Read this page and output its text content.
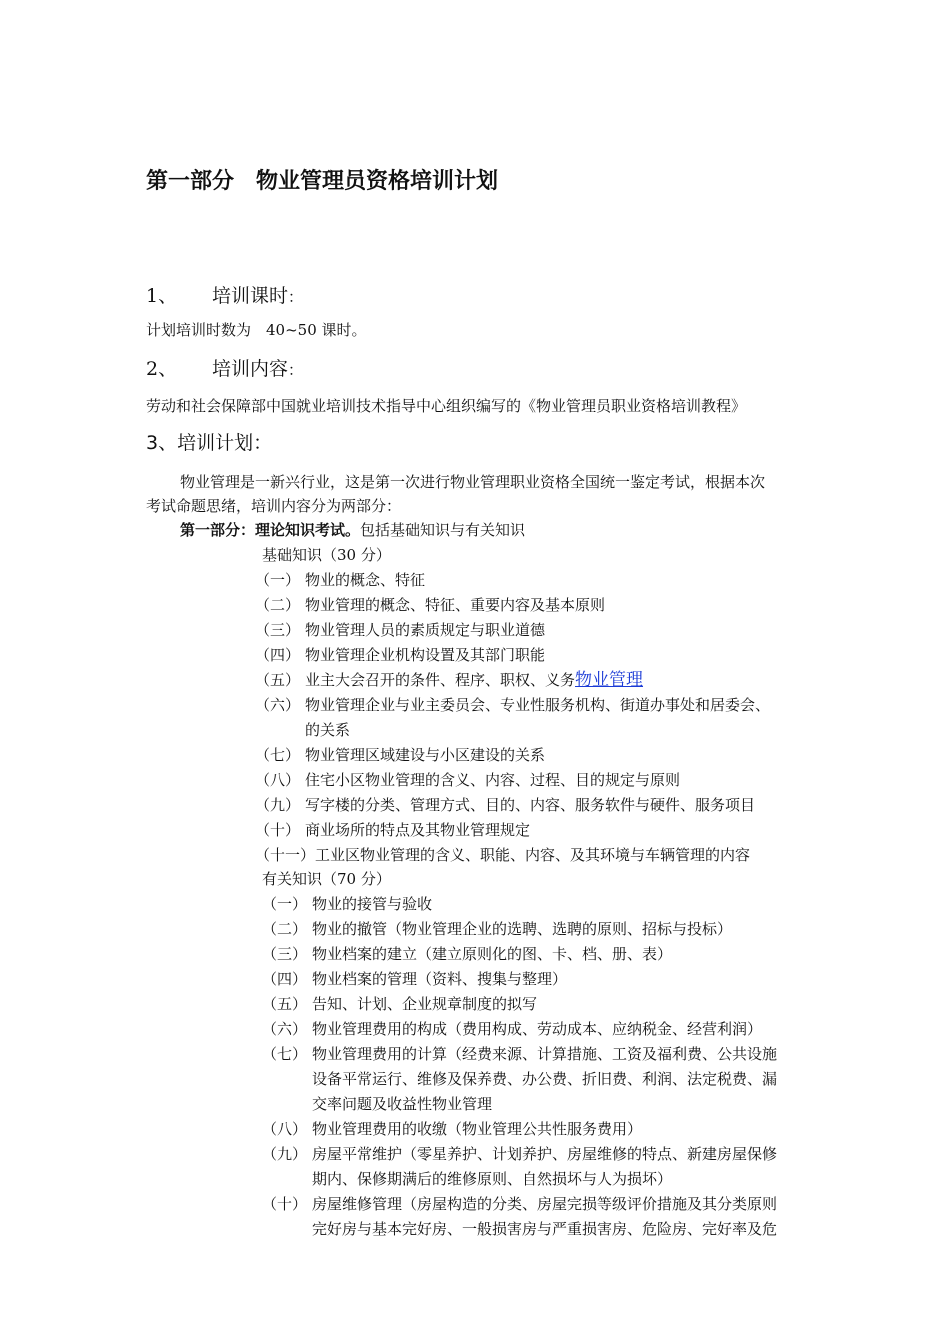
第一部分　物业管理员资格培训计划
1、 培训课时：
计划培训时数为　40~50 课时。
2、 培训内容：
劳动和社会保障部中国就业培训技术指导中心组织编写的《物业管理员职业资格培训教程》
3、培训计划：
物业管理是一新兴行业，这是第一次进行物业管理职业资格全国统一鉴定考试，根据本次
考试命题思绪，培训内容分为两部分：
第一部分：理论知识考试。包括基础知识与有关知识
基础知识（30 分）
（一） 物业的概念、特征
（二） 物业管理的概念、特征、重要内容及基本原则
（三） 物业管理人员的素质规定与职业道德
（四） 物业管理企业机构设置及其部门职能
（五） 业主大会召开的条件、程序、职权、义务物业管理
（六） 物业管理企业与业主委员会、专业性服务机构、街道办事处和居委会、
的关系
（七） 物业管理区域建设与小区建设的关系
（八） 住宅小区物业管理的含义、内容、过程、目的规定与原则
（九） 写字楼的分类、管理方式、目的、内容、服务软件与硬件、服务项目
（十） 商业场所的特点及其物业管理规定
（十一）工业区物业管理的含义、职能、内容、及其环境与车辆管理的内容
有关知识（70 分）
（一） 物业的接管与验收
（二） 物业的撤管（物业管理企业的选聘、选聘的原则、招标与投标）
（三） 物业档案的建立（建立原则化的图、卡、档、册、表）
（四） 物业档案的管理（资料、搜集与整理）
（五） 告知、计划、企业规章制度的拟写
（六） 物业管理费用的构成（费用构成、劳动成本、应纳税金、经营利润）
（七） 物业管理费用的计算（经费来源、计算措施、工资及福利费、公共设施
设备平常运行、维修及保养费、办公费、折旧费、利润、法定税费、漏
交率问题及收益性物业管理
（八） 物业管理费用的收缴（物业管理公共性服务费用）
（九） 房屋平常维护（零星养护、计划养护、房屋维修的特点、新建房屋保修
期内、保修期满后的维修原则、自然损坏与人为损坏）
（十） 房屋维修管理（房屋构造的分类、房屋完损等级评价措施及其分类原则
完好房与基本完好房、一般损害房与严重损害房、危险房、完好率及危
